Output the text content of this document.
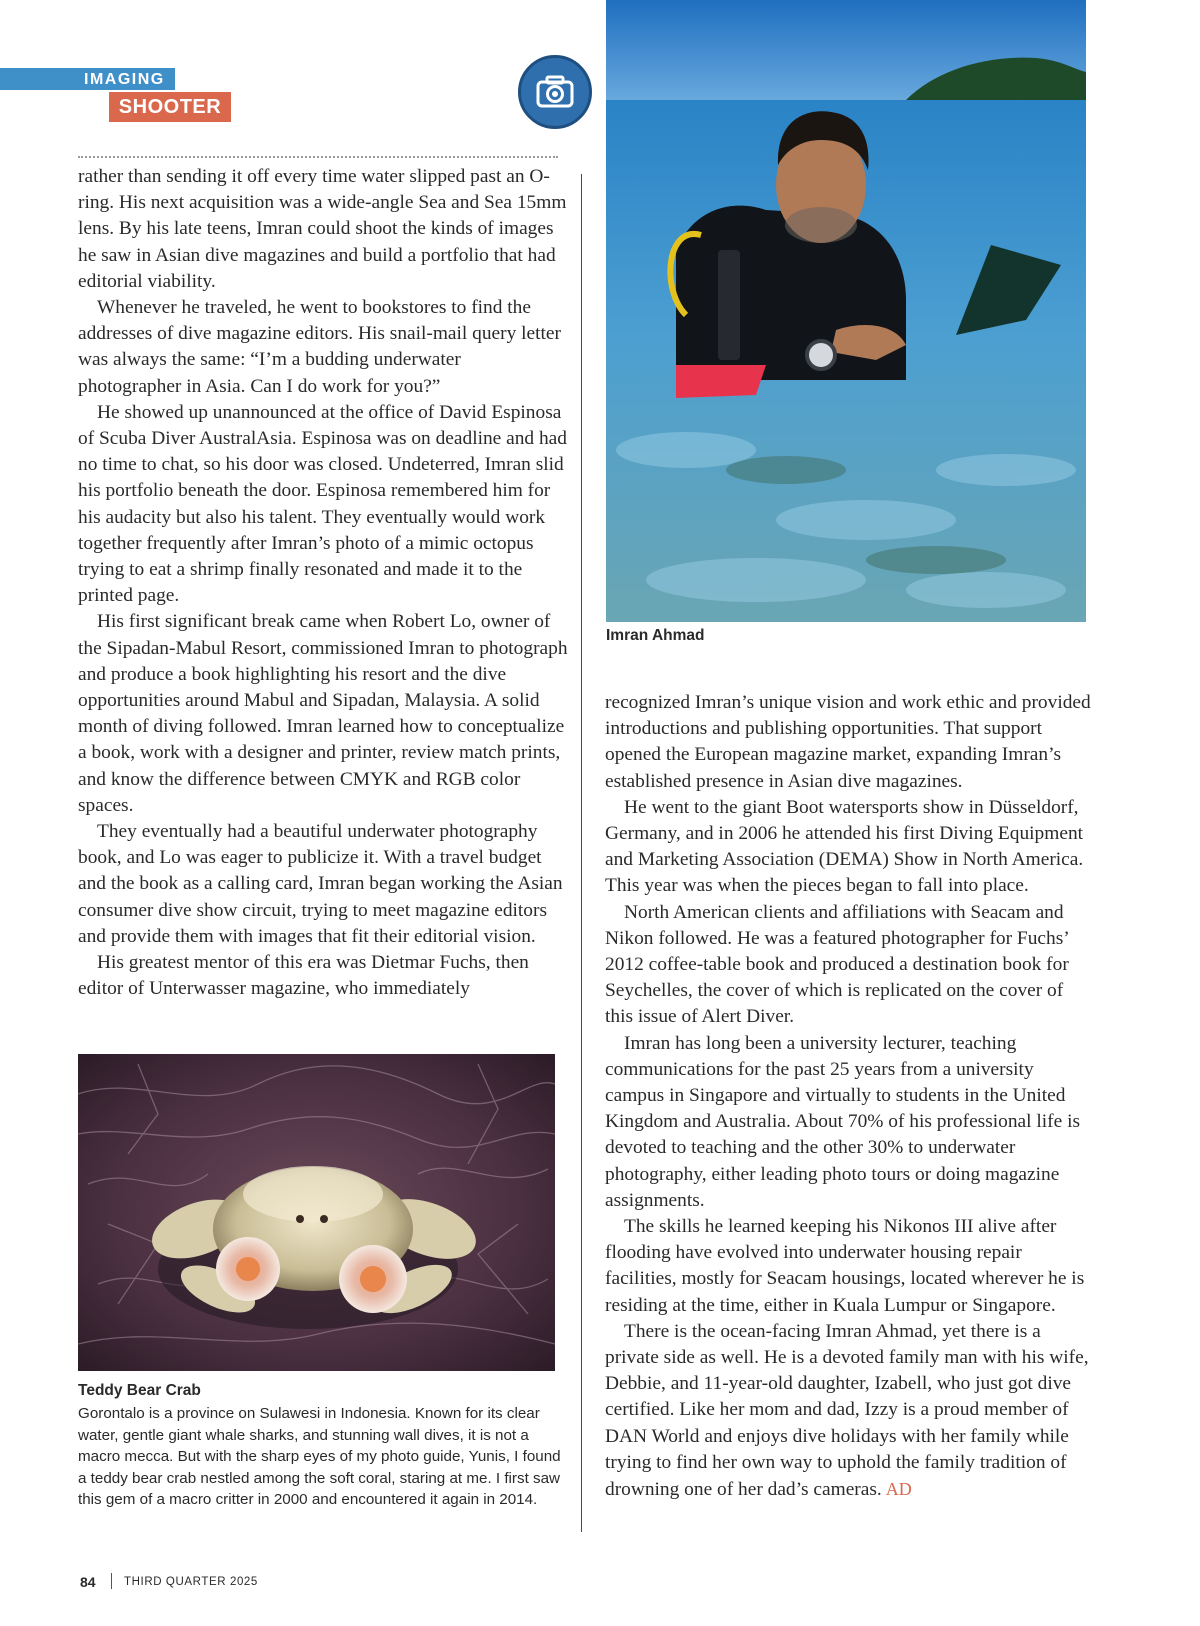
IMAGING
SHOOTER

rather than sending it off every time water slipped past an O-ring. His next acquisition was a wide-angle Sea and Sea 15mm lens. By his late teens, Imran could shoot the kinds of images he saw in Asian dive magazines and build a portfolio that had editorial viability.

Whenever he traveled, he went to bookstores to find the addresses of dive magazine editors. His snail-mail query letter was always the same: “I’m a budding underwater photographer in Asia. Can I do work for you?”

He showed up unannounced at the office of David Espinosa of Scuba Diver AustralAsia. Espinosa was on deadline and had no time to chat, so his door was closed. Undeterred, Imran slid his portfolio beneath the door. Espinosa remembered him for his audacity but also his talent. They eventually would work together frequently after Imran’s photo of a mimic octopus trying to eat a shrimp finally resonated and made it to the printed page.

His first significant break came when Robert Lo, owner of the Sipadan-Mabul Resort, commissioned Imran to photograph and produce a book highlighting his resort and the dive opportunities around Mabul and Sipadan, Malaysia. A solid month of diving followed. Imran learned how to conceptualize a book, work with a designer and printer, review match prints, and know the difference between CMYK and RGB color spaces.

They eventually had a beautiful underwater photography book, and Lo was eager to publicize it. With a travel budget and the book as a calling card, Imran began working the Asian consumer dive show circuit, trying to meet magazine editors and provide them with images that fit their editorial vision.

His greatest mentor of this era was Dietmar Fuchs, then editor of Unterwasser magazine, who immediately

Teddy Bear Crab

Gorontalo is a province on Sulawesi in Indonesia. Known for its clear water, gentle giant whale sharks, and stunning wall dives, it is not a macro mecca. But with the sharp eyes of my photo guide, Yunis, I found a teddy bear crab nestled among the soft coral, staring at me. I first saw this gem of a macro critter in 2000 and encountered it again in 2014.

Imran Ahmad

recognized Imran’s unique vision and work ethic and provided introductions and publishing opportunities. That support opened the European magazine market, expanding Imran’s established presence in Asian dive magazines.

He went to the giant Boot watersports show in Düsseldorf, Germany, and in 2006 he attended his first Diving Equipment and Marketing Association (DEMA) Show in North America. This year was when the pieces began to fall into place.

North American clients and affiliations with Seacam and Nikon followed. He was a featured photographer for Fuchs’ 2012 coffee-table book and produced a destination book for Seychelles, the cover of which is replicated on the cover of this issue of Alert Diver.

Imran has long been a university lecturer, teaching communications for the past 25 years from a university campus in Singapore and virtually to students in the United Kingdom and Australia. About 70% of his professional life is devoted to teaching and the other 30% to underwater photography, either leading photo tours or doing magazine assignments.

The skills he learned keeping his Nikonos III alive after flooding have evolved into underwater housing repair facilities, mostly for Seacam housings, located wherever he is residing at the time, either in Kuala Lumpur or Singapore.

There is the ocean-facing Imran Ahmad, yet there is a private side as well. He is a devoted family man with his wife, Debbie, and 11-year-old daughter, Izabell, who just got dive certified. Like her mom and dad, Izzy is a proud member of DAN World and enjoys dive holidays with her family while trying to find her own way to uphold the family tradition of drowning one of her dad’s cameras. AD

84 THIRD QUARTER 2025
